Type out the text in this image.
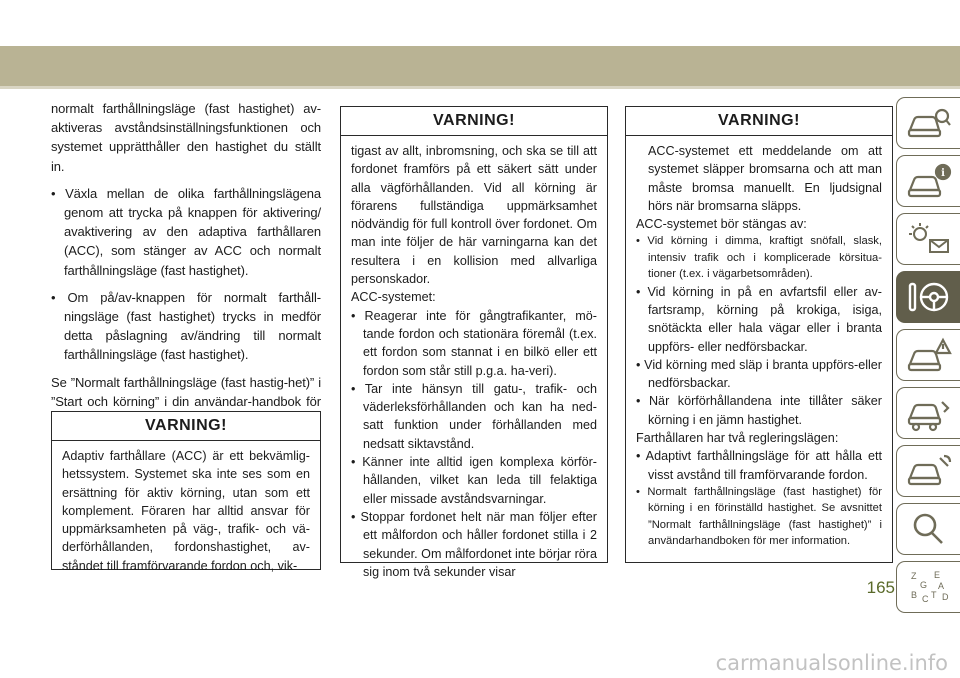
normalt farthållningsläge (fast hastighet) av-aktiveras avståndsinställningsfunktionen och systemet upprätthåller den hastighet du ställt in.

• Växla mellan de olika farthållningslägena genom att trycka på knappen för aktivering/ avaktivering av den adaptiva farthållaren (ACC), som stänger av ACC och normalt farthållningsläge (fast hastighet).
• Om på/av-knappen för normalt farthåll-ningsläge (fast hastighet) trycks in medför detta påslagning av/ändring till normalt farthållningsläge (fast hastighet).

Se ”Normalt farthållningsläge (fast hastig-het)” i ”Start och körning” i din användar-handbok för

VARNING!

Adaptiv farthållare (ACC) är ett bekvämlig-hetssystem. Systemet ska inte ses som en ersättning för aktiv körning, utan som ett komplement. Föraren har alltid ansvar för uppmärksamheten på väg-, trafik- och vä-derförhållanden, fordonshastighet, av-ståndet till framförvarande fordon och, vik-

VARNING!

tigast av allt, inbromsning, och ska se till att fordonet framförs på ett säkert sätt under alla vägförhållanden. Vid all körning är förarens fullständiga uppmärksamhet nödvändig för full kontroll över fordonet. Om man inte följer de här varningarna kan det resultera i en kollision med allvarliga personskador.

ACC-systemet:

• Reagerar inte för gångtrafikanter, mö-tande fordon och stationära föremål (t.ex. ett fordon som stannat i en bilkö eller ett fordon som står still p.g.a. ha-veri).
• Tar inte hänsyn till gatu-, trafik- och väderleksförhållanden och kan ha ned-satt funktion under förhållanden med nedsatt siktavstånd.
• Känner inte alltid igen komplexa körför-hållanden, vilket kan leda till felaktiga eller missade avståndsvarningar.
• Stoppar fordonet helt när man följer efter ett målfordon och håller fordonet stilla i 2 sekunder. Om målfordonet inte börjar röra sig inom två sekunder visar
VARNING!

ACC-systemet ett meddelande om att systemet släpper bromsarna och att man måste bromsa manuellt. En ljudsignal hörs när bromsarna släpps.

ACC-systemet bör stängas av:

• Vid körning i dimma, kraftigt snöfall, slask, intensiv trafik och i komplicerade körsitua-tioner (t.ex. i vägarbetsområden).
• Vid körning in på en avfartsfil eller av-fartsramp, körning på krokiga, isiga, snötäckta eller hala vägar eller i branta uppförs- eller nedförsbackar.
• Vid körning med släp i branta uppförs-eller nedförsbackar.
• När körförhållandena inte tillåter säker körning i en jämn hastighet.

Farthållaren har två regleringslägen:

• Adaptivt farthållningsläge för att hålla ett visst avstånd till framförvarande fordon.
• Normalt farthållningsläge (fast hastighet) för körning i en förinställd hastighet. Se avsnittet ”Normalt farthållningsläge (fast hastighet)” i användarhandboken för mer information.
i
Z E
G A
B C T D
165
carmanualsonline.info
